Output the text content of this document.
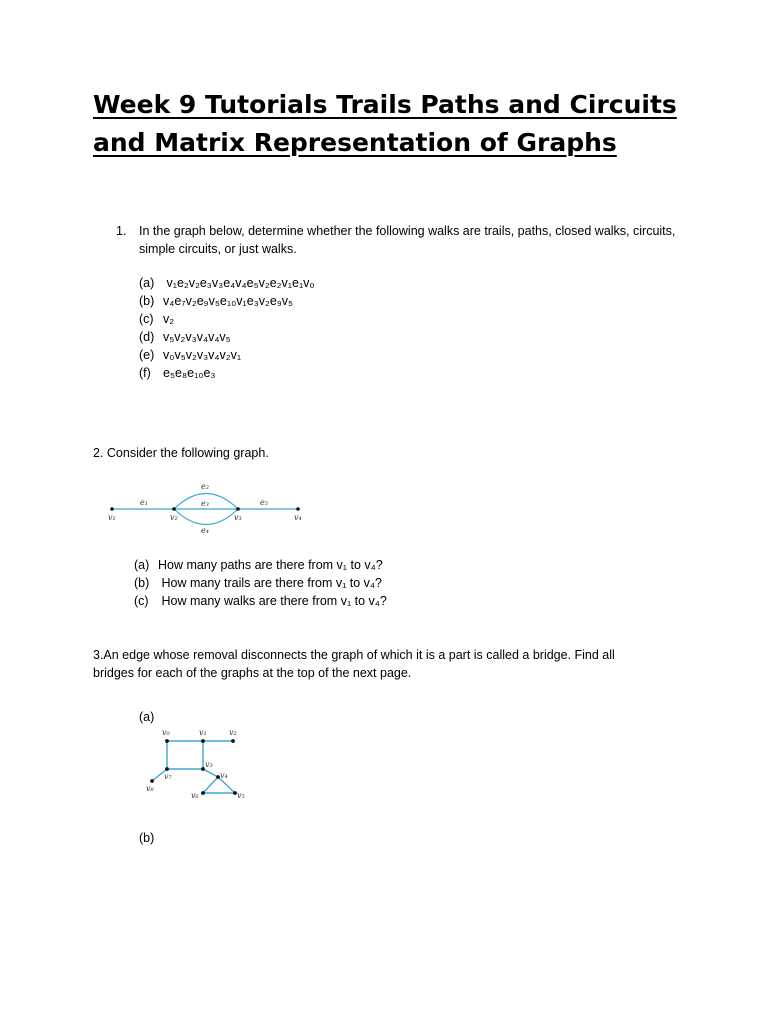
Week 9 Tutorials Trails Paths and Circuits and Matrix Representation of Graphs
1. In the graph below, determine whether the following walks are trails, paths, closed walks, circuits, simple circuits, or just walks.
(a) v₁e₂v₂e₃v₃e₄v₄e₅v₂e₂v₁e₁v₀
(b) v₄e₇v₂e₉v₅e₁₀v₁e₃v₂e₉v₅
(c) v₂
(d) v₅v₂v₃v₄v₄v₅
(e) v₀v₅v₂v₃v₄v₂v₁
(f) e₅e₈e₁₀e₃
2. Consider the following graph.
e₁
e₂
e₃
e₄
e₅
v₁	v₂	v₃	v₄
(a) How many paths are there from v₁ to v₄?
(b) How many trails are there from v₁ to v₄?
(c) How many walks are there from v₁ to v₄?
3.An edge whose removal disconnects the graph of which it is a part is called a bridge. Find all bridges for each of the graphs at the top of the next page.
(a)
v₀	v₁	v₂
v₃
v₄
v₅
v₆
v₇
v₈
(b)
